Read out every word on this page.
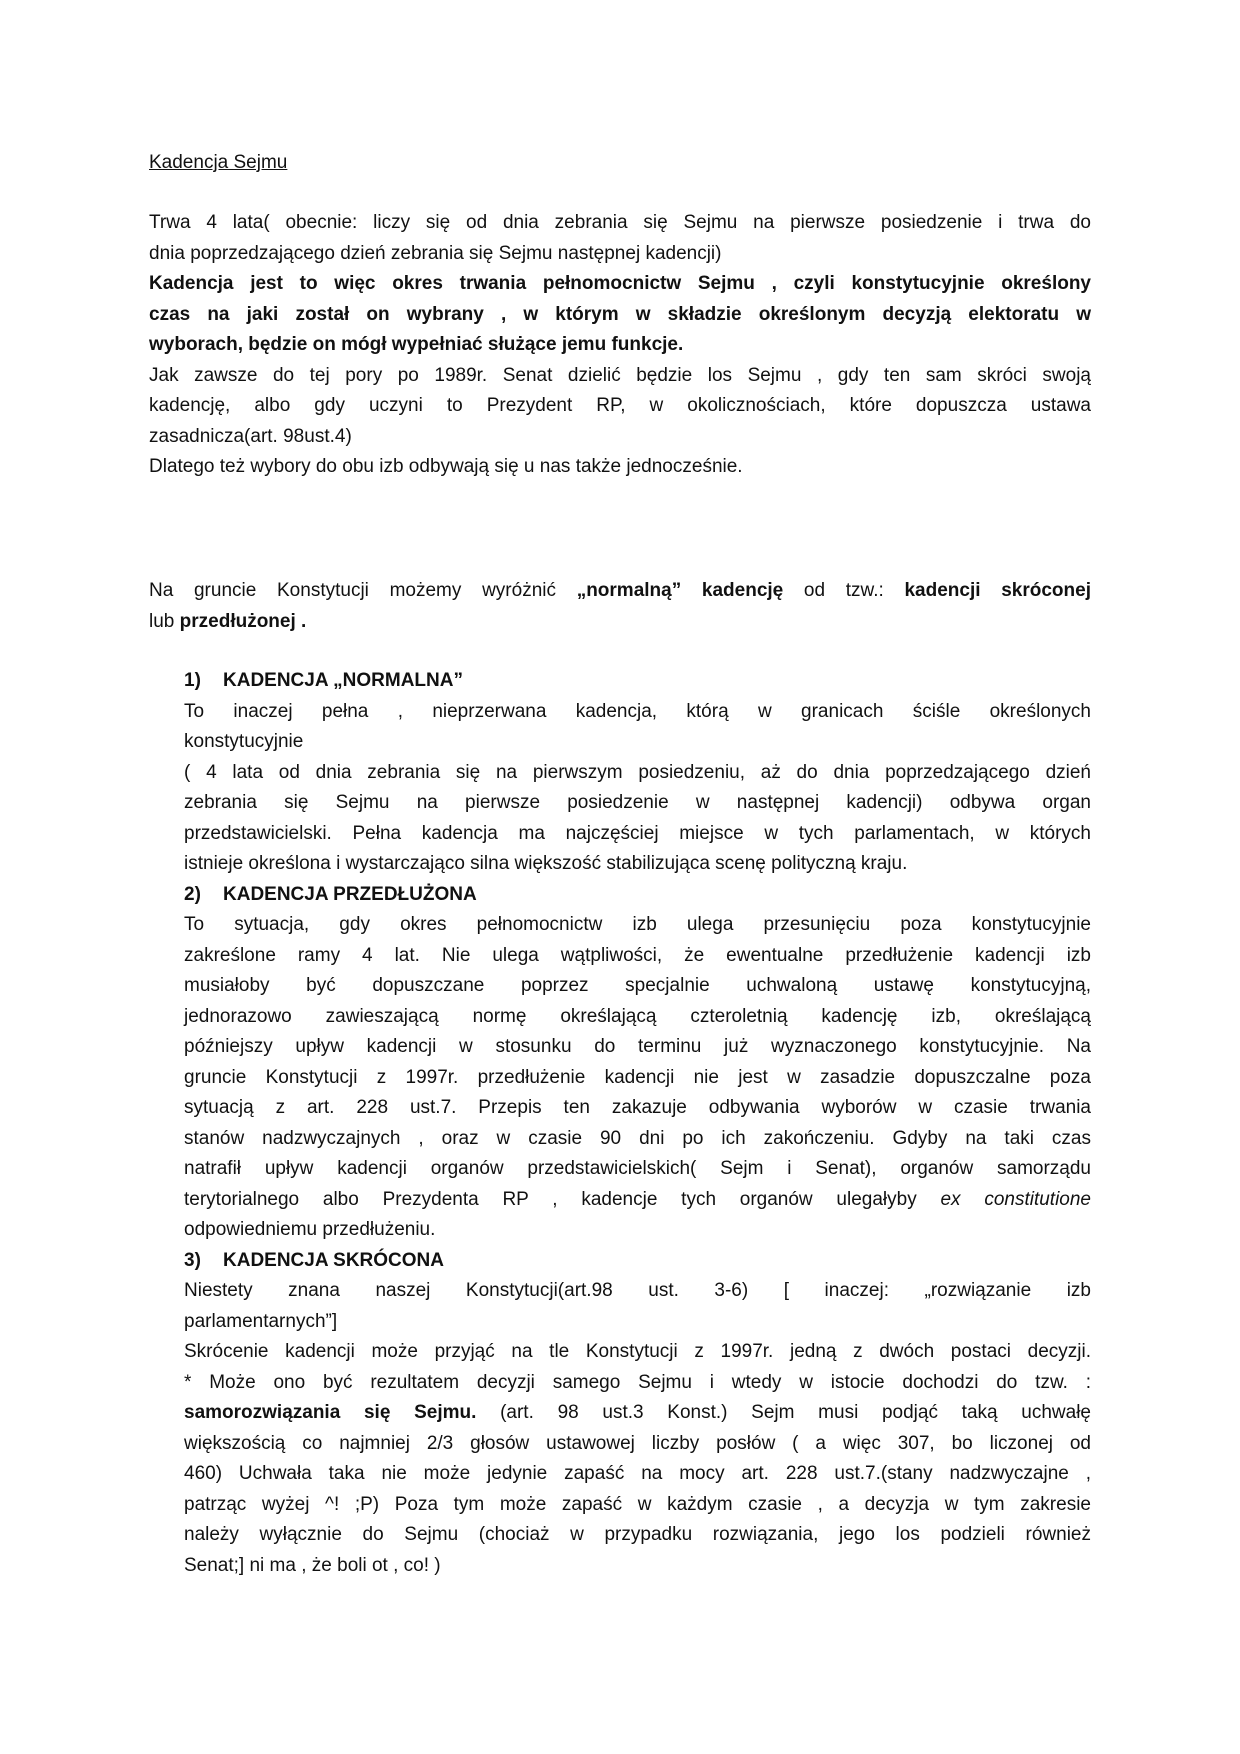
Kadencja Sejmu
Trwa 4 lata( obecnie: liczy się od dnia zebrania się Sejmu na pierwsze posiedzenie i trwa do
dnia poprzedzającego dzień zebrania się Sejmu następnej kadencji)
Kadencja jest to więc okres trwania pełnomocnictw Sejmu , czyli konstytucyjnie określony
czas na jaki został on wybrany , w którym w składzie określonym decyzją elektoratu w
wyborach, będzie on mógł wypełniać służące jemu funkcje.
Jak zawsze do tej pory po 1989r. Senat dzielić będzie los Sejmu , gdy ten sam skróci swoją
kadencję, albo gdy uczyni to Prezydent RP, w okolicznościach, które dopuszcza ustawa
zasadnicza(art. 98ust.4)
Dlatego też wybory do obu izb odbywają się u nas także jednocześnie.
Na gruncie Konstytucji możemy wyróżnić „normalną” kadencję od tzw.: kadencji skróconej
lub przedłużonej .
1) KADENCJA „NORMALNA”
To inaczej pełna , nieprzerwana kadencja, którą w granicach ściśle określonych
konstytucyjnie
( 4 lata od dnia zebrania się na pierwszym posiedzeniu, aż do dnia poprzedzającego dzień
zebrania się Sejmu na pierwsze posiedzenie w następnej kadencji) odbywa organ
przedstawicielski. Pełna kadencja ma najczęściej miejsce w tych parlamentach, w których
istnieje określona i wystarczająco silna większość stabilizująca scenę polityczną kraju.
2) KADENCJA PRZEDŁUŻONA
To sytuacja, gdy okres pełnomocnictw izb ulega przesunięciu poza konstytucyjnie
zakreślone ramy 4 lat. Nie ulega wątpliwości, że ewentualne przedłużenie kadencji izb
musiałoby być dopuszczane poprzez specjalnie uchwaloną ustawę konstytucyjną,
jednorazowo zawieszającą normę określającą czteroletnią kadencję izb, określającą
późniejszy upływ kadencji w stosunku do terminu już wyznaczonego konstytucyjnie. Na
gruncie Konstytucji z 1997r. przedłużenie kadencji nie jest w zasadzie dopuszczalne poza
sytuacją z art. 228 ust.7. Przepis ten zakazuje odbywania wyborów w czasie trwania
stanów nadzwyczajnych , oraz w czasie 90 dni po ich zakończeniu. Gdyby na taki czas
natrafił upływ kadencji organów przedstawicielskich( Sejm i Senat), organów samorządu
terytorialnego albo Prezydenta RP , kadencje tych organów ulegałyby ex constitutione
odpowiedniemu przedłużeniu.
3) KADENCJA SKRÓCONA
Niestety znana naszej Konstytucji(art.98 ust. 3-6) [ inaczej: „rozwiązanie izb
parlamentarnych”]
Skrócenie kadencji może przyjąć na tle Konstytucji z 1997r. jedną z dwóch postaci decyzji.
* Może ono być rezultatem decyzji samego Sejmu i wtedy w istocie dochodzi do tzw. :
samorozwiązania się Sejmu. (art. 98 ust.3 Konst.) Sejm musi podjąć taką uchwałę
większością co najmniej 2/3 głosów ustawowej liczby posłów ( a więc 307, bo liczonej od
460) Uchwała taka nie może jedynie zapaść na mocy art. 228 ust.7.(stany nadzwyczajne ,
patrząc wyżej ^! ;P) Poza tym może zapaść w każdym czasie , a decyzja w tym zakresie
należy wyłącznie do Sejmu (chociaż w przypadku rozwiązania, jego los podzieli również
Senat;] ni ma , że boli ot , co! )
